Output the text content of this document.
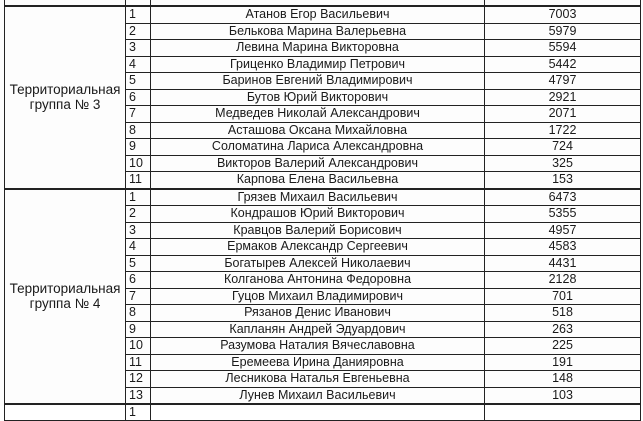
Территориальная
группа № 3	1	Атанов Егор Васильевич	7003
	2	Белькова Марина Валерьевна	5979
	3	Левина Марина Викторовна	5594
	4	Гриценко Владимир Петрович	5442
	5	Баринов Евгений Владимирович	4797
	6	Бутов Юрий Викторович	2921
	7	Медведев Николай Александрович	2071
	8	Асташова Оксана Михайловна	1722
	9	Соломатина Лариса Александровна	724
	10	Викторов Валерий Александрович	325
	11	Карпова Елена Васильевна	153

Территориальная
группа № 4	1	Грязев Михаил Васильевич	6473
	2	Кондрашов Юрий Викторович	5355
	3	Кравцов Валерий Борисович	4957
	4	Ермаков Александр Сергеевич	4583
	5	Богатырев Алексей Николаевич	4431
	6	Колганова Антонина Федоровна	2128
	7	Гуцов Михаил Владимирович	701
	8	Рязанов Денис Иванович	518
	9	Капланян Андрей Эдуардович	263
	10	Разумова Наталия Вячеславовна	225
	11	Еремеева Ирина Данияровна	191
	12	Лесникова Наталья Евгеньевна	148
	13	Лунев Михаил Васильевич	103
	1		
